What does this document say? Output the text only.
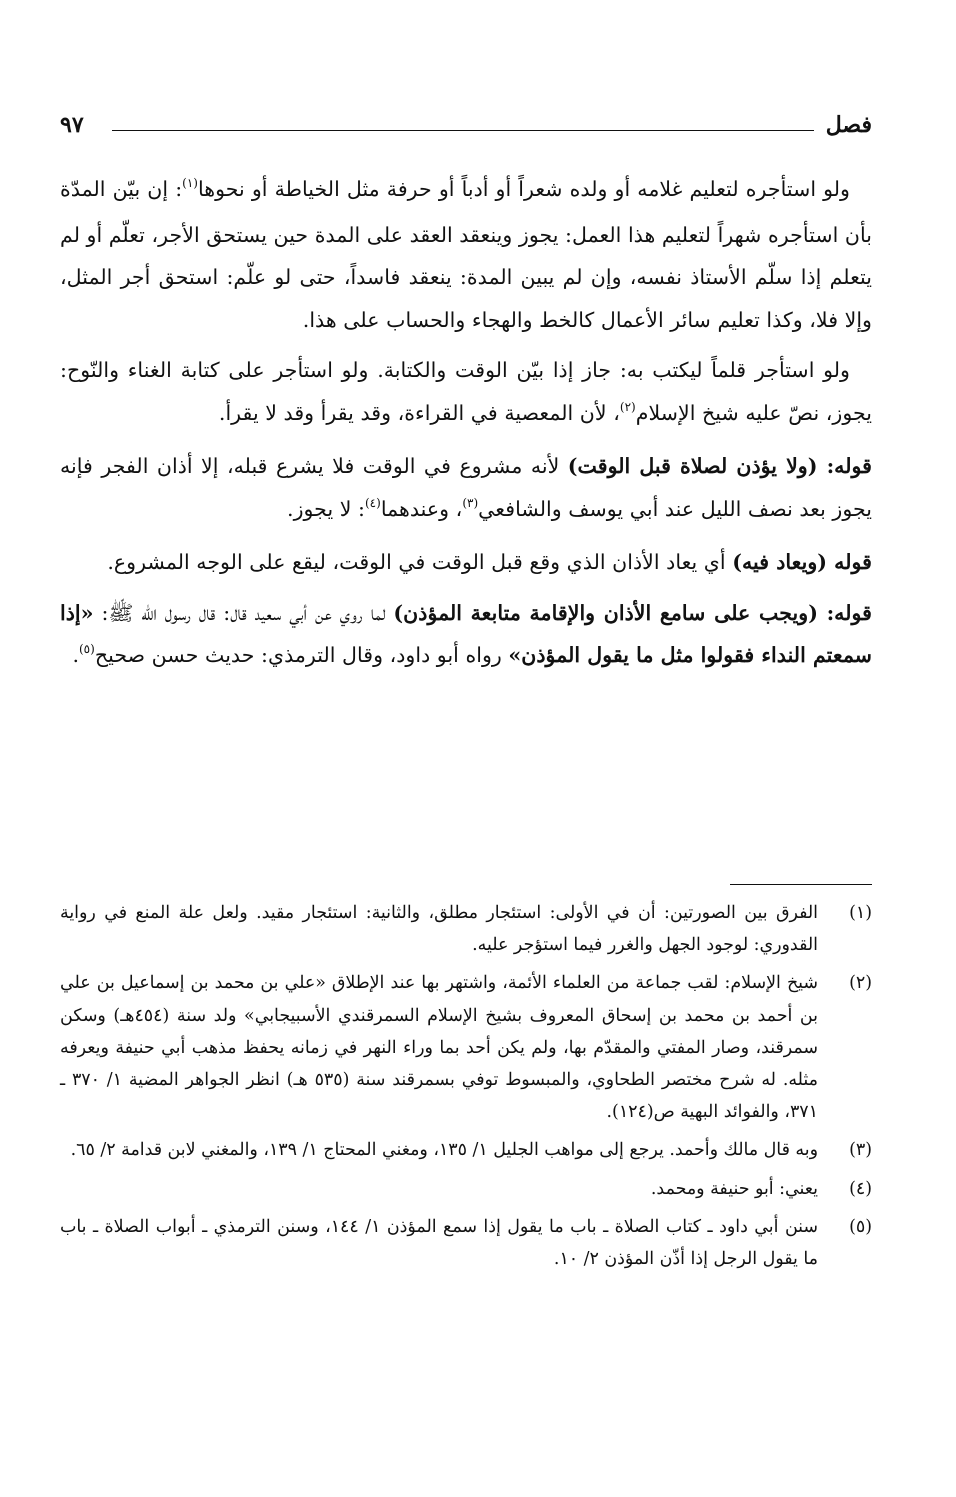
فصل
٩٧

ولو استأجره لتعليم غلامه أو ولده شعراً أو أدباً أو حرفة مثل الخياطة أو نحوها$^{(١)}$: إن بيّن المدّة بأن استأجره شهراً لتعليم هذا العمل: يجوز وينعقد العقد على المدة حين يستحق الأجر، تعلّم أو لم يتعلم إذا سلّم الأستاذ نفسه، وإن لم يبين المدة: ينعقد فاسداً، حتى لو علّم: استحق أجر المثل، وإلا فلا، وكذا تعليم سائر الأعمال كالخط والهجاء والحساب على هذا.

ولو استأجر قلماً ليكتب به: جاز إذا بيّن الوقت والكتابة. ولو استأجر على كتابة الغناء والنّوح: يجوز، نصّ عليه شيخ الإسلام$^{(٢)}$، لأن المعصية في القراءة، وقد يقرأ وقد لا يقرأ.

قوله: (ولا يؤذن لصلاة قبل الوقت) لأنه مشروع في الوقت فلا يشرع قبله، إلا أذان الفجر فإنه يجوز بعد نصف الليل عند أبي يوسف والشافعي$^{(٣)}$، وعندهما$^{(٤)}$: لا يجوز.

قوله (ويعاد فيه) أي يعاد الأذان الذي وقع قبل الوقت في الوقت، ليقع على الوجه المشروع.

قوله: (ويجب على سامع الأذان والإقامة متابعة المؤذن) لما روي عن أبي سعيد قال: قال رسول الله ﷺ: «إذا سمعتم النداء فقولوا مثل ما يقول المؤذن» رواه أبو داود، وقال الترمذي: حديث حسن صحيح$^{(٥)}$.

(١)

الفرق بين الصورتين: أن في الأولى: استئجار مطلق، والثانية: استئجار مقيد. ولعل علة المنع في رواية القدوري: لوجود الجهل والغرر فيما استؤجر عليه.

(٢)

شيخ الإسلام: لقب جماعة من العلماء الأئمة، واشتهر بها عند الإطلاق «علي بن محمد بن إسماعيل بن علي بن أحمد بن محمد بن إسحاق المعروف بشيخ الإسلام السمرقندي الأسبيجابي» ولد سنة (٤٥٤هـ) وسكن سمرقند، وصار المفتي والمقدّم بها، ولم يكن أحد بما وراء النهر في زمانه يحفظ مذهب أبي حنيفة ويعرفه مثله. له شرح مختصر الطحاوي، والمبسوط توفي بسمرقند سنة (٥٣٥ هـ) انظر الجواهر المضية ١/ ٣٧٠ ـ ٣٧١، والفوائد البهية ص(١٢٤).

(٣)

وبه قال مالك وأحمد. يرجع إلى مواهب الجليل ١/ ١٣٥، ومغني المحتاج ١/ ١٣٩، والمغني لابن قدامة ٢/ ٦٥.

(٤)

يعني: أبو حنيفة ومحمد.

(٥)

سنن أبي داود ـ كتاب الصلاة ـ باب ما يقول إذا سمع المؤذن ١/ ١٤٤، وسنن الترمذي ـ أبواب الصلاة ـ باب ما يقول الرجل إذا أذّن المؤذن ٢/ ١٠.
